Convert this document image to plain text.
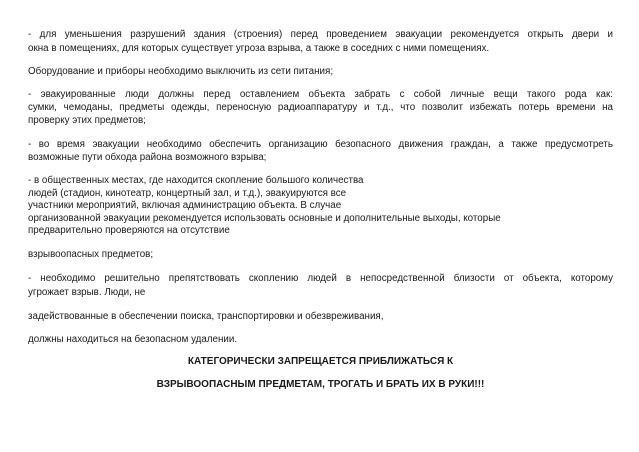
- для уменьшения разрушений здания (строения) перед проведением эвакуации рекомендуется открыть двери и
окна в помещениях, для которых существует угроза взрыва, а также в соседних с ними помещениях.
Оборудование и приборы необходимо выключить из сети питания;
- эвакуированные люди должны перед оставлением объекта забрать с собой личные вещи такого рода как:
сумки, чемоданы, предметы одежды, переносную радиоаппаратуру и т.д., что позволит избежать потерь времени на
проверку этих предметов;
- во время эвакуации необходимо обеспечить организацию безопасного движения граждан, а также предусмотреть
возможные пути обхода района возможного взрыва;
- в общественных местах, где находится скопление большого количества
людей (стадион, кинотеатр, концертный зал, и т.д.), эвакуируются все
участники мероприятий, включая администрацию объекта. В случае
организованной эвакуации рекомендуется использовать основные и дополнительные выходы, которые
предварительно проверяются на отсутствие
взрывоопасных предметов;
- необходимо решительно препятствовать скоплению людей в непосредственной близости от объекта, которому
угрожает взрыв. Люди, не
задействованные в обеспечении поиска, транспортировки и обезвреживания,
должны находиться на безопасном удалении.
КАТЕГОРИЧЕСКИ ЗАПРЕЩАЕТСЯ ПРИБЛИЖАТЬСЯ К
ВЗРЫВООПАСНЫМ ПРЕДМЕТАМ, ТРОГАТЬ И БРАТЬ ИХ В РУКИ!!!
